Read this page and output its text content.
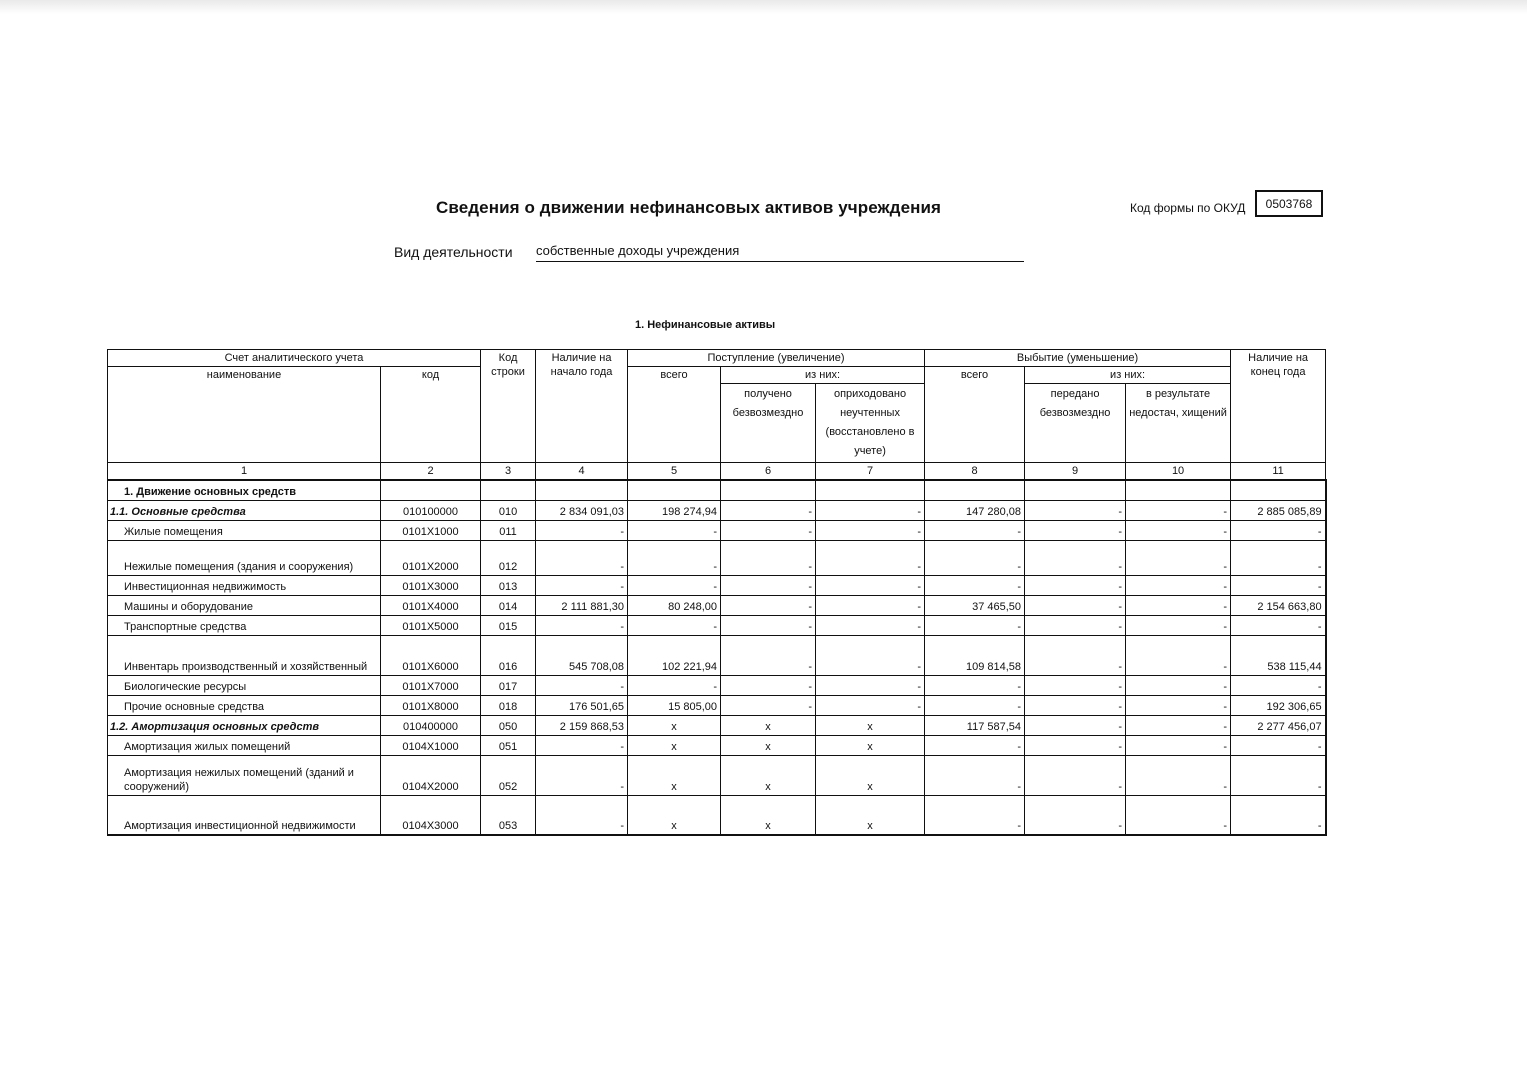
Сведения о движении нефинансовых активов учреждения	Код формы по ОКУД	0503768
Вид деятельности собственные доходы учреждения
1. Нефинансовые активы
Счет аналитического учета		Код строки	Наличие на начало года	Поступление (увеличение)			Выбытие (уменьшение)			Наличие на конец года
наименование	код			всего	из них:		всего	из них:		
					получено безвозмездно	оприходовано неучтенных (восстановлено в учете)		передано безвозмездно	в результате недостач, хищений	
1	2	3	4	5	6	7	8	9	10	11
1. Движение основных средств										
1.1. Основные средства	010100000	010	2 834 091,03	198 274,94	-	-	147 280,08	-	-	2 885 085,89
Жилые помещения	0101X1000	011	-	-	-	-	-	-	-	-
Нежилые помещения (здания и сооружения)	0101X2000	012	-	-	-	-	-	-	-	-
Инвестиционная недвижимость	0101X3000	013	-	-	-	-	-	-	-	-
Машины и оборудование	0101X4000	014	2 111 881,30	80 248,00	-	-	37 465,50	-	-	2 154 663,80
Транспортные средства	0101X5000	015	-	-	-	-	-	-	-	-
Инвентарь производственный и хозяйственный	0101X6000	016	545 708,08	102 221,94	-	-	109 814,58	-	-	538 115,44
Биологические ресурсы	0101X7000	017	-	-	-	-	-	-	-	-
Прочие основные средства	0101X8000	018	176 501,65	15 805,00	-	-	-	-	-	192 306,65
1.2. Амортизация основных средств	010400000	050	2 159 868,53	x	x	x	117 587,54	-	-	2 277 456,07
Амортизация жилых помещений	0104X1000	051	-	x	x	x	-	-	-	-
Амортизация нежилых помещений (зданий и сооружений)	0104X2000	052	-	x	x	x	-	-	-	-
Амортизация инвестиционной недвижимости	0104X3000	053	-	x	x	x	-	-	-	-
